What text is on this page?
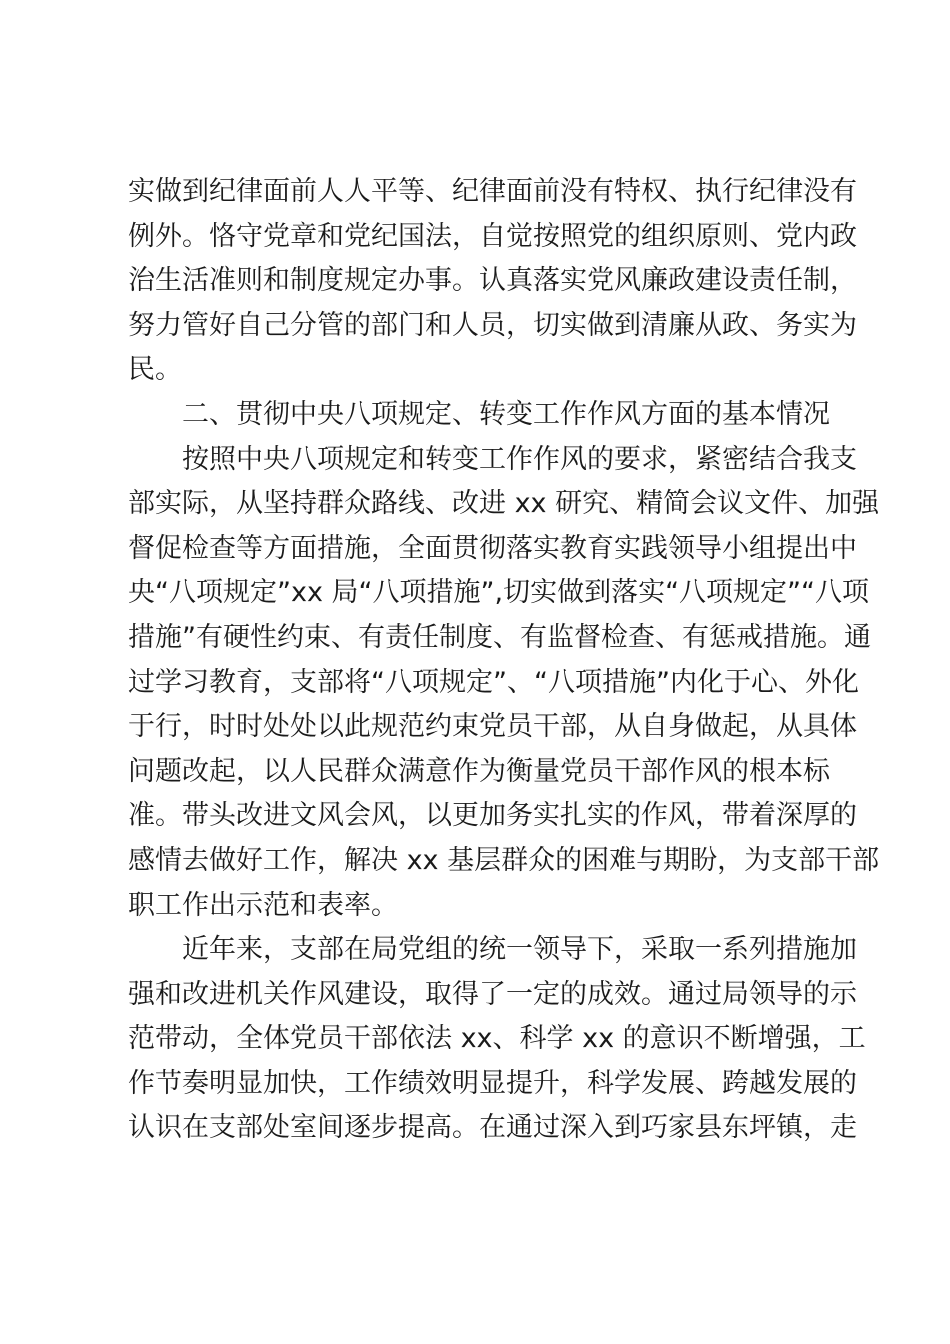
实做到纪律面前人人平等、纪律面前没有特权、执行纪律没有
例外。恪守党章和党纪国法，自觉按照党的组织原则、党内政
治生活准则和制度规定办事。认真落实党风廉政建设责任制，
努力管好自己分管的部门和人员，切实做到清廉从政、务实为
民。
二、贯彻中央八项规定、转变工作作风方面的基本情况
按照中央八项规定和转变工作作风的要求，紧密结合我支
部实际，从坚持群众路线、改进 xx 研究、精简会议文件、加强
督促检查等方面措施，全面贯彻落实教育实践领导小组提出中
央“八项规定”xx 局“八项措施”,切实做到落实“八项规定”“八项
措施”有硬性约束、有责任制度、有监督检查、有惩戒措施。通
过学习教育，支部将“八项规定”、“八项措施”内化于心、外化
于行，时时处处以此规范约束党员干部，从自身做起，从具体
问题改起，以人民群众满意作为衡量党员干部作风的根本标
准。带头改进文风会风，以更加务实扎实的作风，带着深厚的
感情去做好工作，解决 xx 基层群众的困难与期盼，为支部干部
职工作出示范和表率。
近年来，支部在局党组的统一领导下，采取一系列措施加
强和改进机关作风建设，取得了一定的成效。通过局领导的示
范带动，全体党员干部依法 xx、科学 xx 的意识不断增强，工
作节奏明显加快，工作绩效明显提升，科学发展、跨越发展的
认识在支部处室间逐步提高。在通过深入到巧家县东坪镇，走
